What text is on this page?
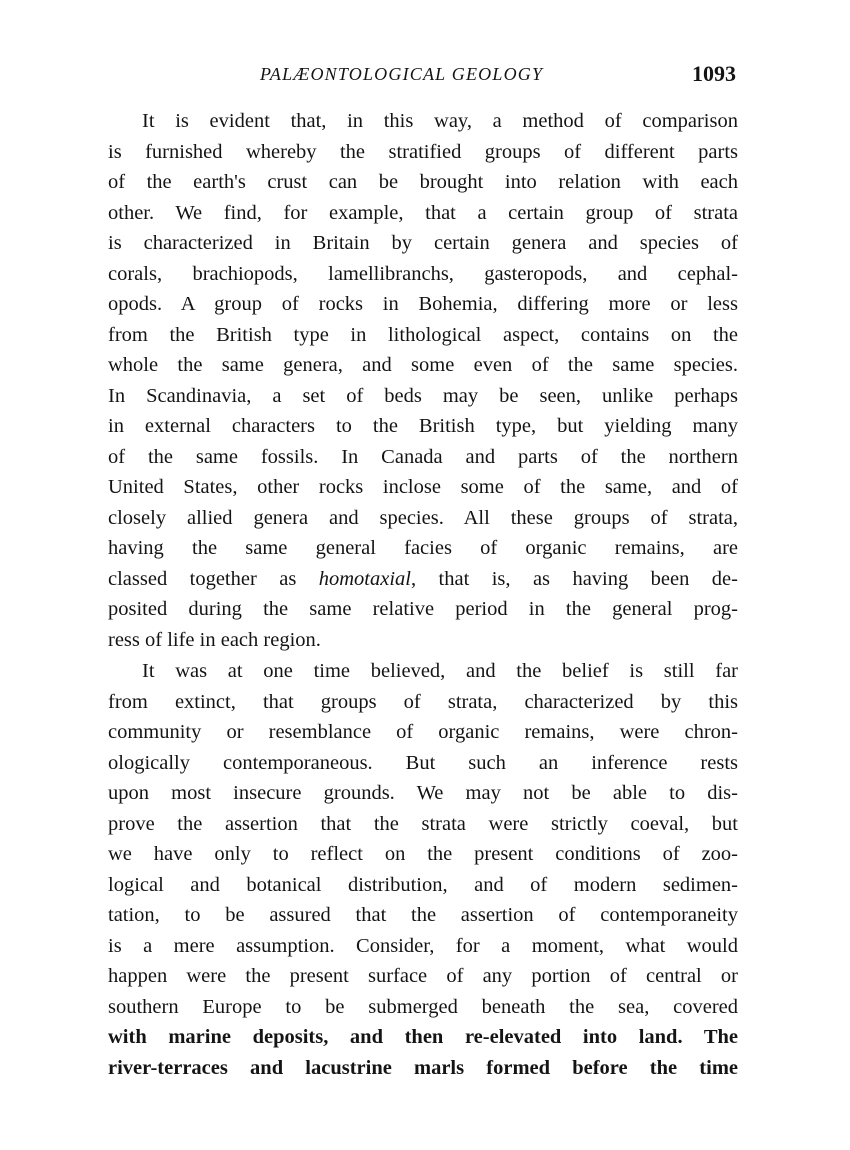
PALÆONTOLOGICAL GEOLOGY	1093
It is evident that, in this way, a method of comparison
is furnished whereby the stratified groups of different parts
of the earth's crust can be brought into relation with each
other. We find, for example, that a certain group of strata
is characterized in Britain by certain genera and species of
corals, brachiopods, lamellibranchs, gasteropods, and cephal-
opods. A group of rocks in Bohemia, differing more or less
from the British type in lithological aspect, contains on the
whole the same genera, and some even of the same species.
In Scandinavia, a set of beds may be seen, unlike perhaps
in external characters to the British type, but yielding many
of the same fossils. In Canada and parts of the northern
United States, other rocks inclose some of the same, and of
closely allied genera and species. All these groups of strata,
having the same general facies of organic remains, are
classed together as homotaxial, that is, as having been de-
posited during the same relative period in the general prog-
ress of life in each region.
It was at one time believed, and the belief is still far
from extinct, that groups of strata, characterized by this
community or resemblance of organic remains, were chron-
ologically contemporaneous. But such an inference rests
upon most insecure grounds. We may not be able to dis-
prove the assertion that the strata were strictly coeval, but
we have only to reflect on the present conditions of zoo-
logical and botanical distribution, and of modern sedimen-
tation, to be assured that the assertion of contemporaneity
is a mere assumption. Consider, for a moment, what would
happen were the present surface of any portion of central or
southern Europe to be submerged beneath the sea, covered
with marine deposits, and then re-elevated into land. The
river-terraces and lacustrine marls formed before the time
